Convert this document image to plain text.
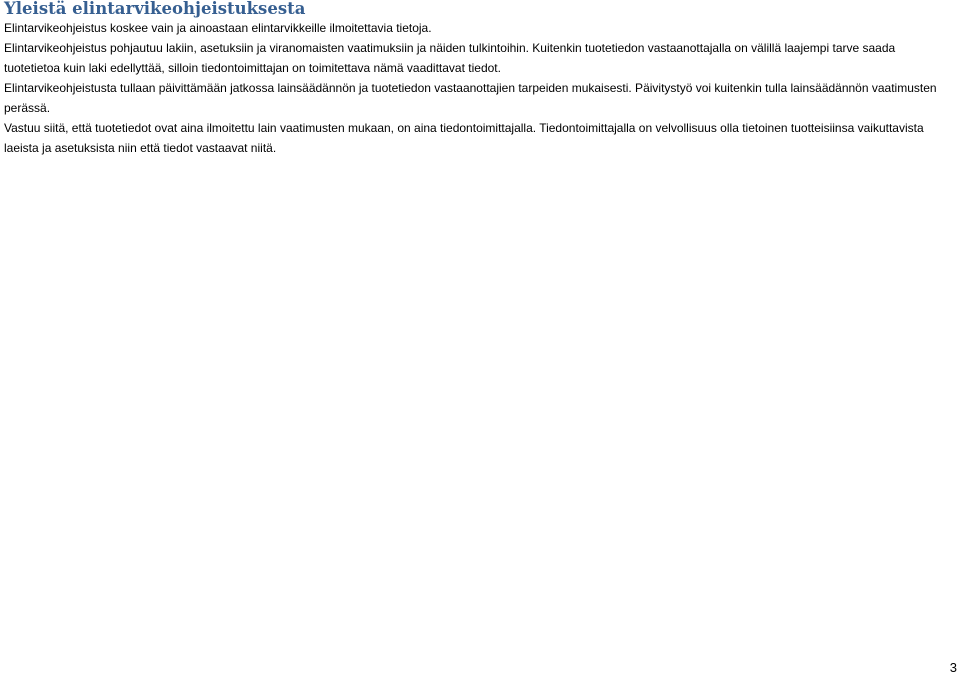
Yleistä elintarvikeohjeistuksesta

Elintarvikeohjeistus koskee vain ja ainoastaan elintarvikkeille ilmoitettavia tietoja.

Elintarvikeohjeistus pohjautuu lakiin, asetuksiin ja viranomaisten vaatimuksiin ja näiden tulkintoihin. Kuitenkin tuotetiedon vastaanottajalla on välillä laajempi tarve saada tuotetietoa kuin laki edellyttää, silloin tiedontoimittajan on toimitettava nämä vaadittavat tiedot.

Elintarvikeohjeistusta tullaan päivittämään jatkossa lainsäädännön ja tuotetiedon vastaanottajien tarpeiden mukaisesti. Päivitystyö voi kuitenkin tulla lainsäädännön vaatimusten perässä.

Vastuu siitä, että tuotetiedot ovat aina ilmoitettu lain vaatimusten mukaan, on aina tiedontoimittajalla. Tiedontoimittajalla on velvollisuus olla tietoinen tuotteisiinsa vaikuttavista laeista ja asetuksista niin että tiedot vastaavat niitä.

3
